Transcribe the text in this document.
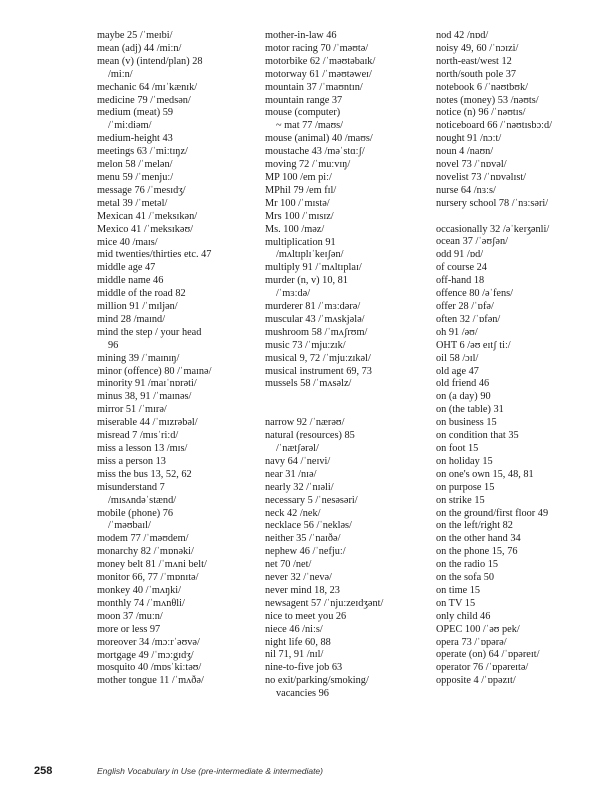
maybe 25 /ˈmeɪbi/
mean (adj) 44 /miːn/
mean (v) (intend/plan) 28
/miːn/
mechanic 64 /mɪˈkænɪk/
medicine 79 /ˈmedsən/
medium (meat) 59
/ˈmiːdiəm/
medium-height 43
meetings 63 /ˈmiːtɪŋz/
melon 58 /ˈmelən/
menu 59 /ˈmenjuː/
message 76 /ˈmesɪdʒ/
metal 39 /ˈmetəl/
Mexican 41 /ˈmeksɪkən/
Mexico 41 /ˈmeksɪkəʊ/
mice 40 /maɪs/
mid twenties/thirties etc. 47
middle age 47
middle name 46
middle of the road 82
million 91 /ˈmɪljən/
mind 28 /maɪnd/
mind the step / your head
96
mining 39 /ˈmaɪnɪŋ/
minor (offence) 80 /ˈmaɪnə/
minority 91 /maɪˈnɒrəti/
minus 38, 91 /ˈmaɪnəs/
mirror 51 /ˈmɪrə/
miserable 44 /ˈmɪzrəbəl/
misread 7 /mɪsˈriːd/
miss a lesson 13 /mɪs/
miss a person 13
miss the bus 13, 52, 62
misunderstand 7
/mɪsʌndəˈstænd/
mobile (phone) 76
/ˈməʊbaɪl/
modem 77 /ˈməʊdem/
monarchy 82 /ˈmɒnəki/
money belt 81 /ˈmʌni belt/
monitor 66, 77 /ˈmɒnɪtə/
monkey 40 /ˈmʌŋki/
monthly 74 /ˈmʌnθli/
moon 37 /muːn/
more or less 97
moreover 34 /mɔːrˈəʊvə/
mortgage 49 /ˈmɔːgɪdʒ/
mosquito 40 /mɒsˈkiːtəʊ/
mother tongue 11 /ˈmʌðə/
mother-in-law 46
motor racing 70 /ˈməʊtə/
motorbike 62 /ˈməʊtəbaɪk/
motorway 61 /ˈməʊtəweɪ/
mountain 37 /ˈmaʊntɪn/
mountain range 37
mouse (computer)
~ mat 77 /maʊs/
mouse (animal) 40 /maʊs/
moustache 43 /məˈstɑːʃ/
moving 72 /ˈmuːvɪŋ/
MP 100 /em piː/
MPhil 79 /em fɪl/
Mr 100 /ˈmɪstə/
Mrs 100 /ˈmɪsɪz/
Ms. 100 /məz/
multiplication 91
/mʌltɪplɪˈkeɪʃən/
multiply 91 /ˈmʌltɪplaɪ/
murder (n, v) 10, 81
/ˈmɜːdə/
murderer 81 /ˈmɜːdərə/
muscular 43 /ˈmʌskjələ/
mushroom 58 /ˈmʌʃrʊm/
music 73 /ˈmjuːzɪk/
musical 9, 72 /ˈmjuːzɪkəl/
musical instrument 69, 73
mussels 58 /ˈmʌsəlz/
narrow 92 /ˈnærəʊ/
natural (resources) 85
/ˈnætʃərəl/
navy 64 /ˈneɪvi/
near 31 /nɪə/
nearly 32 /ˈnɪəli/
necessary 5 /ˈnesəsəri/
neck 42 /nek/
necklace 56 /ˈnekləs/
neither 35 /ˈnaɪðə/
nephew 46 /ˈnefjuː/
net 70 /net/
never 32 /ˈnevə/
never mind 18, 23
newsagent 57 /ˈnjuːzeɪdʒənt/
nice to meet you 26
niece 46 /niːs/
night life 60, 88
nil 71, 91 /nɪl/
nine-to-five job 63
no exit/parking/smoking/
vacancies 96
nod 42 /nɒd/
noisy 49, 60 /ˈnɔɪzi/
north-east/west 12
north/south pole 37
notebook 6 /ˈnəʊtbʊk/
notes (money) 53 /nəʊts/
notice (n) 96 /ˈnəʊtɪs/
noticeboard 66 /ˈnəʊtɪsbɔːd/
nought 91 /nɔːt/
noun 4 /naʊn/
novel 73 /ˈnɒvəl/
novelist 73 /ˈnɒvəlɪst/
nurse 64 /nɜːs/
nursery school 78 /ˈnɜːsəri/
occasionally 32 /əˈkeɪʒənli/
ocean 37 /ˈəʊʃən/
odd 91 /ɒd/
of course 24
off-hand 18
offence 80 /əˈfens/
offer 28 /ˈɒfə/
often 32 /ˈɒfən/
oh 91 /əʊ/
OHT 6 /əʊ eɪtʃ tiː/
oil 58 /ɔɪl/
old age 47
old friend 46
on (a day) 90
on (the table) 31
on business 15
on condition that 35
on foot 15
on holiday 15
on one's own 15, 48, 81
on purpose 15
on strike 15
on the ground/first floor 49
on the left/right 82
on the other hand 34
on the phone 15, 76
on the radio 15
on the sofa 50
on time 15
on TV 15
only child 46
OPEC 100 /ˈəʊ pek/
opera 73 /ˈɒpərə/
operate (on) 64 /ˈɒpəreɪt/
operator 76 /ˈɒpəreɪtə/
opposite 4 /ˈɒpəzɪt/
258	English Vocabulary in Use (pre-intermediate & intermediate)
